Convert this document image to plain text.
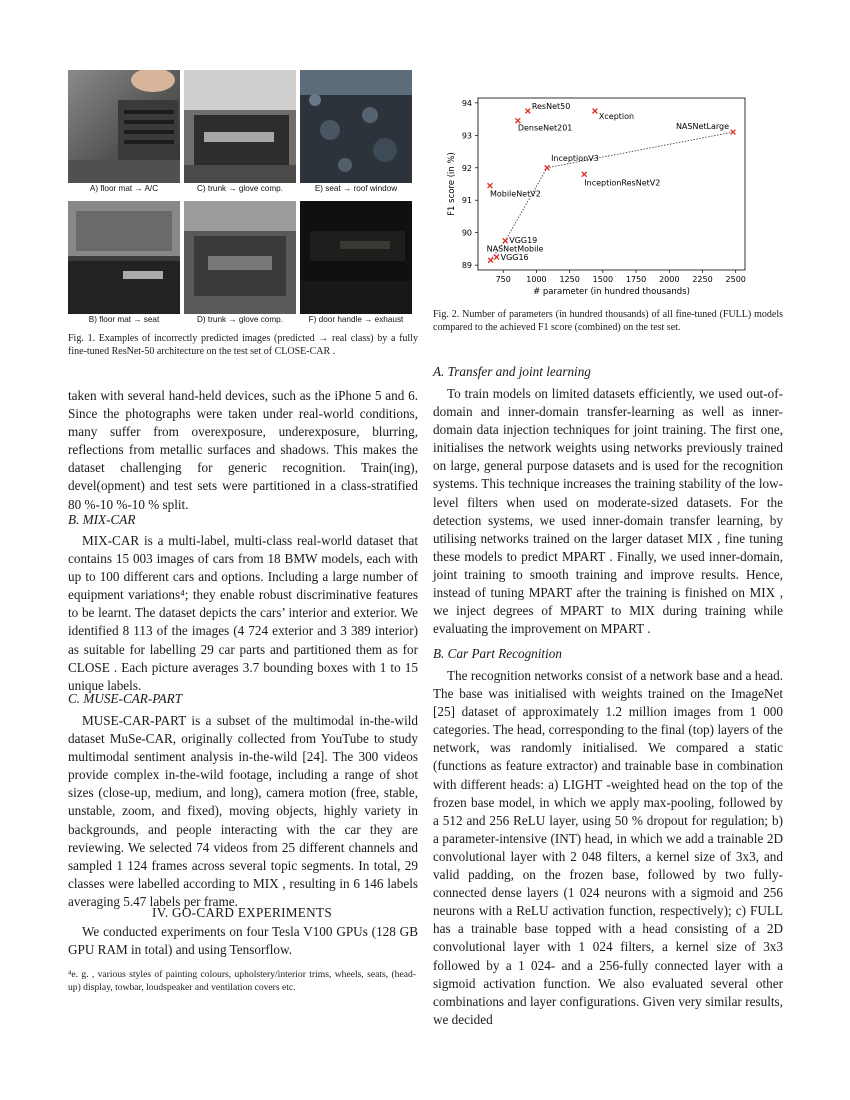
A) floor mat → A/C	C) trunk → glove comp.	E) seat → roof window
B) floor mat → seat	D) trunk → glove comp.	F) door handle → exhaust
Fig. 1. Examples of incorrectly predicted images (predicted → real class) by a fully fine-tuned ResNet-50 architecture on the test set of CLOSE-CAR .
750 1000 1250 1500 1750 2000 2250 2500
89
90
91
92
93
94
# parameter (in hundred thousands)
F1 score (in %)
ResNet50
DenseNet201
Xception
NASNetLarge
InceptionV3
InceptionResNetV2
MobileNetV2
VGG19
NASNetMobile
VGG16
Fig. 2. Number of parameters (in hundred thousands) of all fine-tuned (FULL) models compared to the achieved F1 score (combined) on the test set.
taken with several hand-held devices, such as the iPhone 5 and 6. Since the photographs were taken under real-world conditions, many suffer from overexposure, underexposure, blurring, reflections from metallic surfaces and shadows. This makes the dataset challenging for generic recognition. Train(ing), devel(opment) and test sets were partitioned in a class-stratified 80 %-10 %-10 % split.
B. MIX-CAR
MIX-CAR is a multi-label, multi-class real-world dataset that contains 15 003 images of cars from 18 BMW models, each with up to 100 different cars and options. Including a large number of equipment variations⁴; they enable robust discriminative features to be learnt. The dataset depicts the cars’ interior and exterior. We identified 8 113 of the images (4 724 exterior and 3 389 interior) as suitable for labelling 29 car parts and partitioned them as for CLOSE . Each picture averages 3.7 bounding boxes with 1 to 15 unique labels.
C. MUSE-CAR-PART
MUSE-CAR-PART is a subset of the multimodal in-the-wild dataset MuSe-CAR, originally collected from YouTube to study multimodal sentiment analysis in-the-wild [24]. The 300 videos provide complex in-the-wild footage, including a range of shot sizes (close-up, medium, and long), camera motion (free, stable, unstable, zoom, and fixed), moving objects, highly variety in backgrounds, and people interacting with the car they are reviewing. We selected 74 videos from 25 different channels and sampled 1 124 frames across several topic segments. In total, 29 classes were labelled according to MIX , resulting in 6 146 labels averaging 5.47 labels per frame.
IV. GO-CARD EXPERIMENTS
We conducted experiments on four Tesla V100 GPUs (128 GB GPU RAM in total) and using Tensorflow.
⁴e. g. , various styles of painting colours, upholstery/interior trims, wheels, seats, (head-up) display, towbar, loudspeaker and ventilation covers etc.
A. Transfer and joint learning
To train models on limited datasets efficiently, we used out-of-domain and inner-domain transfer-learning as well as inner-domain data injection techniques for joint training. The first one, initialises the network weights using networks previously trained on large, general purpose datasets and is used for the recognition systems. This technique increases the training stability of the low-level filters when used on moderate-sized datasets. For the detection systems, we used inner-domain transfer learning, by utilising networks trained on the larger dataset MIX , fine tuning these models to predict MPART . Finally, we used inner-domain, joint training to smooth training and improve results. Hence, instead of tuning MPART after the training is finished on MIX , we inject degrees of MPART to MIX during training while evaluating the improvement on MPART .
B. Car Part Recognition
The recognition networks consist of a network base and a head. The base was initialised with weights trained on the ImageNet [25] dataset of approximately 1.2 million images from 1 000 categories. The head, corresponding to the final (top) layers of the network, was randomly initialised. We compared a static (functions as feature extractor) and trainable base in combination with different heads: a) LIGHT -weighted head on the top of the frozen base model, in which we apply max-pooling, followed by a 512 and 256 ReLU layer, using 50 % dropout for regulation; b) a parameter-intensive (INT) head, in which we add a trainable 2D convolutional layer with 2 048 filters, a kernel size of 3x3, and valid padding, on the frozen base, followed by two fully-connected dense layers (1 024 neurons with a sigmoid and 256 neurons with a ReLU activation function, respectively); c) FULL has a trainable base topped with a head consisting of a 2D convolutional layer with 1 024 filters, a kernel size of 3x3 followed by a 1 024- and a 256-fully connected layer with a sigmoid activation function. We also evaluated several other combinations and layer configurations. Given very similar results, we decided
